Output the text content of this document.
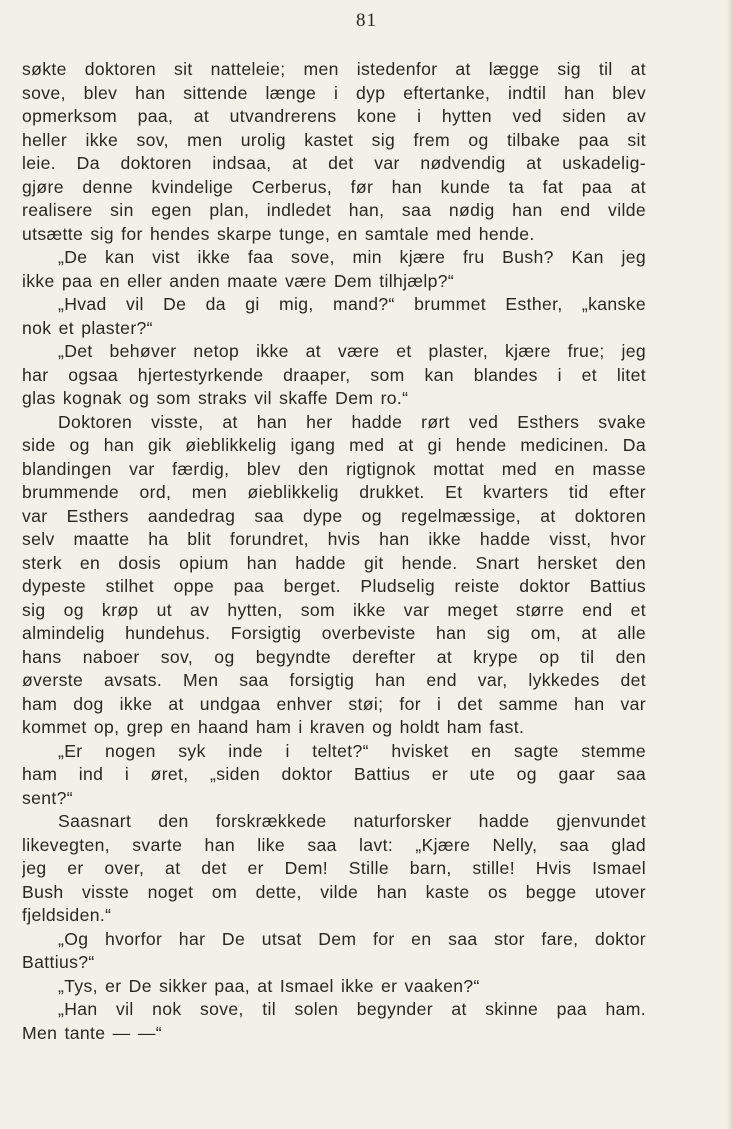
81
søkte doktoren sit natteleie; men istedenfor at lægge sig til at
sove, blev han sittende længe i dyp eftertanke, indtil han blev
opmerksom paa, at utvandrerens kone i hytten ved siden av
heller ikke sov, men urolig kastet sig frem og tilbake paa sit
leie. Da doktoren indsaa, at det var nødvendig at uskadelig-
gjøre denne kvindelige Cerberus, før han kunde ta fat paa at
realisere sin egen plan, indledet han, saa nødig han end vilde
utsætte sig for hendes skarpe tunge, en samtale med hende.
„De kan vist ikke faa sove, min kjære fru Bush? Kan jeg
ikke paa en eller anden maate være Dem tilhjælp?“
„Hvad vil De da gi mig, mand?“ brummet Esther, „kanske
nok et plaster?“
„Det behøver netop ikke at være et plaster, kjære frue; jeg
har ogsaa hjertestyrkende draaper, som kan blandes i et litet
glas kognak og som straks vil skaffe Dem ro.“
Doktoren visste, at han her hadde rørt ved Esthers svake
side og han gik øieblikkelig igang med at gi hende medicinen. Da
blandingen var færdig, blev den rigtignok mottat med en masse
brummende ord, men øieblikkelig drukket. Et kvarters tid efter
var Esthers aandedrag saa dype og regelmæssige, at doktoren
selv maatte ha blit forundret, hvis han ikke hadde visst, hvor
sterk en dosis opium han hadde git hende. Snart hersket den
dypeste stilhet oppe paa berget. Pludselig reiste doktor Battius
sig og krøp ut av hytten, som ikke var meget større end et
almindelig hundehus. Forsigtig overbeviste han sig om, at alle
hans naboer sov, og begyndte derefter at krype op til den
øverste avsats. Men saa forsigtig han end var, lykkedes det
ham dog ikke at undgaa enhver støi; for i det samme han var
kommet op, grep en haand ham i kraven og holdt ham fast.
„Er nogen syk inde i teltet?“ hvisket en sagte stemme
ham ind i øret, „siden doktor Battius er ute og gaar saa
sent?“
Saasnart den forskrækkede naturforsker hadde gjenvundet
likevegten, svarte han like saa lavt: „Kjære Nelly, saa glad
jeg er over, at det er Dem! Stille barn, stille! Hvis Ismael
Bush visste noget om dette, vilde han kaste os begge utover
fjeldsiden.“
„Og hvorfor har De utsat Dem for en saa stor fare, doktor
Battius?“
„Tys, er De sikker paa, at Ismael ikke er vaaken?“
„Han vil nok sove, til solen begynder at skinne paa ham.
Men tante — —“
